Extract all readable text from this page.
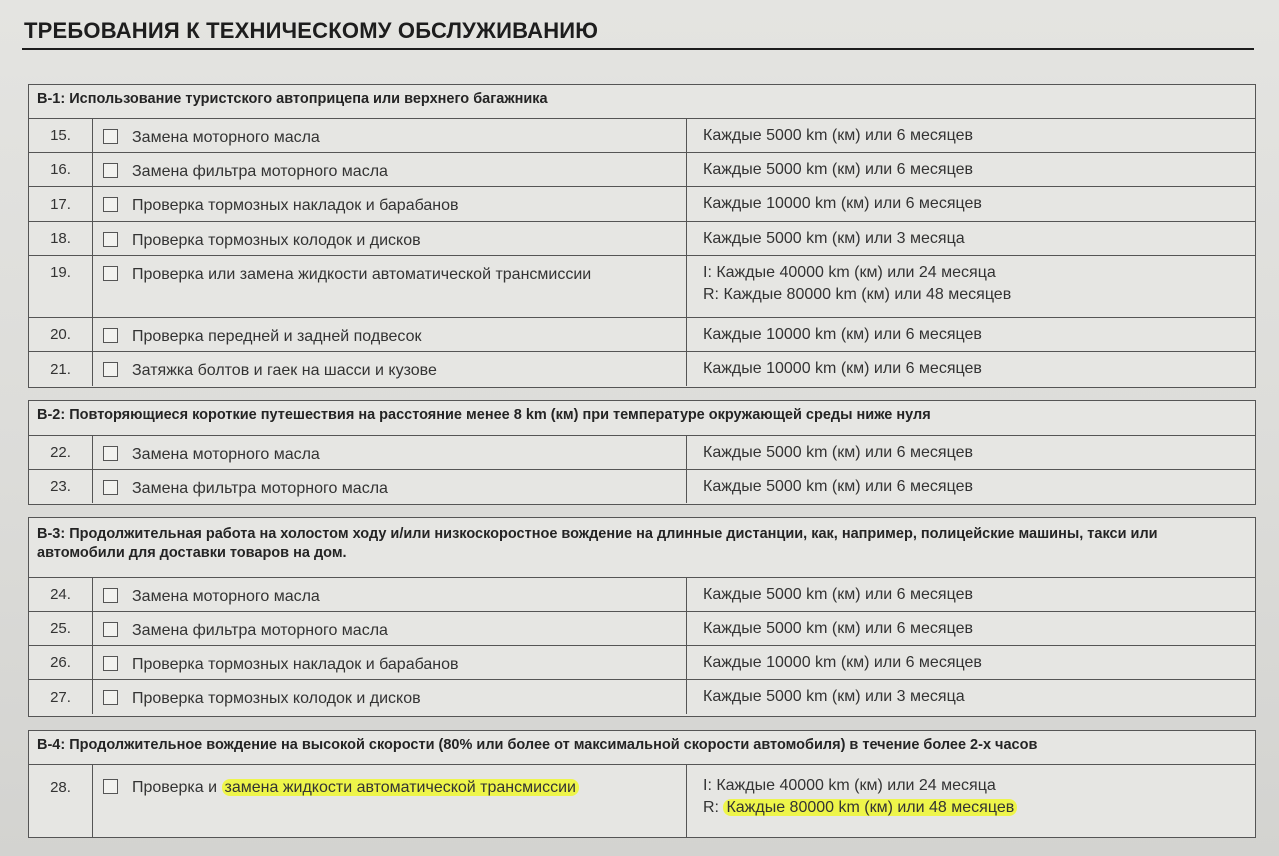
ТРЕБОВАНИЯ К ТЕХНИЧЕСКОМУ ОБСЛУЖИВАНИЮ
B-1: Использование туристского автоприцепа или верхнего багажника
15.	Замена моторного масла	Каждые 5000 km (км) или 6 месяцев
16.	Замена фильтра моторного масла	Каждые 5000 km (км) или 6 месяцев
17.	Проверка тормозных накладок и барабанов	Каждые 10000 km (км) или 6 месяцев
18.	Проверка тормозных колодок и дисков	Каждые 5000 km (км) или 3 месяца
19.	Проверка или замена жидкости автоматической трансмиссии	I: Каждые 40000 km (км) или 24 месяца
R: Каждые 80000 km (км) или 48 месяцев
20.	Проверка передней и задней подвесок	Каждые 10000 km (км) или 6 месяцев
21.	Затяжка болтов и гаек на шасси и кузове	Каждые 10000 km (км) или 6 месяцев
B-2: Повторяющиеся короткие путешествия на расстояние менее 8 km (км) при температуре окружающей среды ниже нуля
22.	Замена моторного масла	Каждые 5000 km (км) или 6 месяцев
23.	Замена фильтра моторного масла	Каждые 5000 km (км) или 6 месяцев
B-3: Продолжительная работа на холостом ходу и/или низкоскоростное вождение на длинные дистанции, как, например, полицейские машины, такси или автомобили для доставки товаров на дом.
24.	Замена моторного масла	Каждые 5000 km (км) или 6 месяцев
25.	Замена фильтра моторного масла	Каждые 5000 km (км) или 6 месяцев
26.	Проверка тормозных накладок и барабанов	Каждые 10000 km (км) или 6 месяцев
27.	Проверка тормозных колодок и дисков	Каждые 5000 km (км) или 3 месяца
B-4: Продолжительное вождение на высокой скорости (80% или более от максимальной скорости автомобиля) в течение более 2-х часов
28.	Проверка и замена жидкости автоматической трансмиссии	I: Каждые 40000 km (км) или 24 месяца
R: Каждые 80000 km (км) или 48 месяцев
